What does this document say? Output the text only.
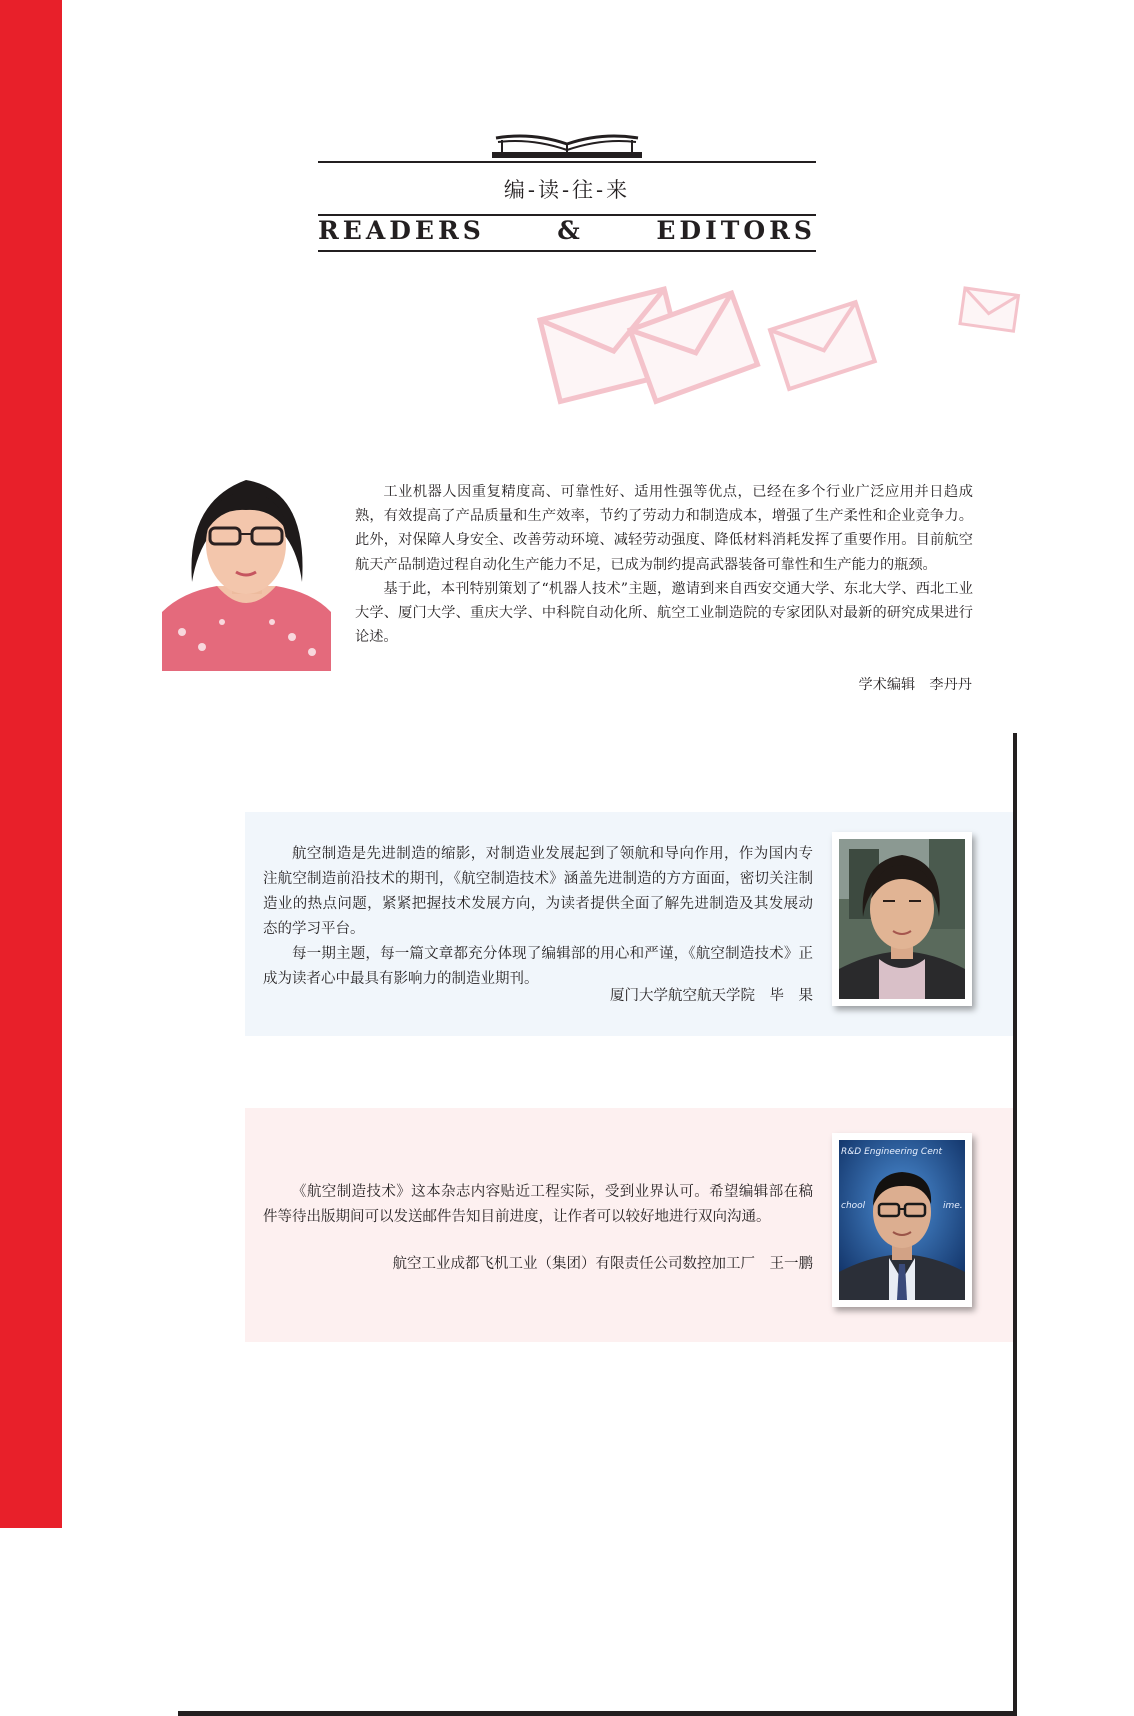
编-读-往-来
READERS	&	EDITORS

工业机器人因重复精度高、可靠性好、适用性强等优点，已经在多个行业广泛应用并日趋成熟，有效提高了产品质量和生产效率，节约了劳动力和制造成本，增强了生产柔性和企业竞争力。此外，对保障人身安全、改善劳动环境、减轻劳动强度、降低材料消耗发挥了重要作用。目前航空航天产品制造过程自动化生产能力不足，已成为制约提高武器装备可靠性和生产能力的瓶颈。

基于此，本刊特别策划了“机器人技术”主题，邀请到来自西安交通大学、东北大学、西北工业大学、厦门大学、重庆大学、中科院自动化所、航空工业制造院的专家团队对最新的研究成果进行论述。

学术编辑　李丹丹

航空制造是先进制造的缩影，对制造业发展起到了领航和导向作用，作为国内专注航空制造前沿技术的期刊，《航空制造技术》涵盖先进制造的方方面面，密切关注制造业的热点问题，紧紧把握技术发展方向，为读者提供全面了解先进制造及其发展动态的学习平台。

每一期主题，每一篇文章都充分体现了编辑部的用心和严谨，《航空制造技术》正成为读者心中最具有影响力的制造业期刊。

厦门大学航空航天学院　毕　果

《航空制造技术》这本杂志内容贴近工程实际，受到业界认可。希望编辑部在稿件等待出版期间可以发送邮件告知目前进度，让作者可以较好地进行双向沟通。

航空工业成都飞机工业（集团）有限责任公司数控加工厂　王一鹏
R&D Engineering Cent
chool	ime.
